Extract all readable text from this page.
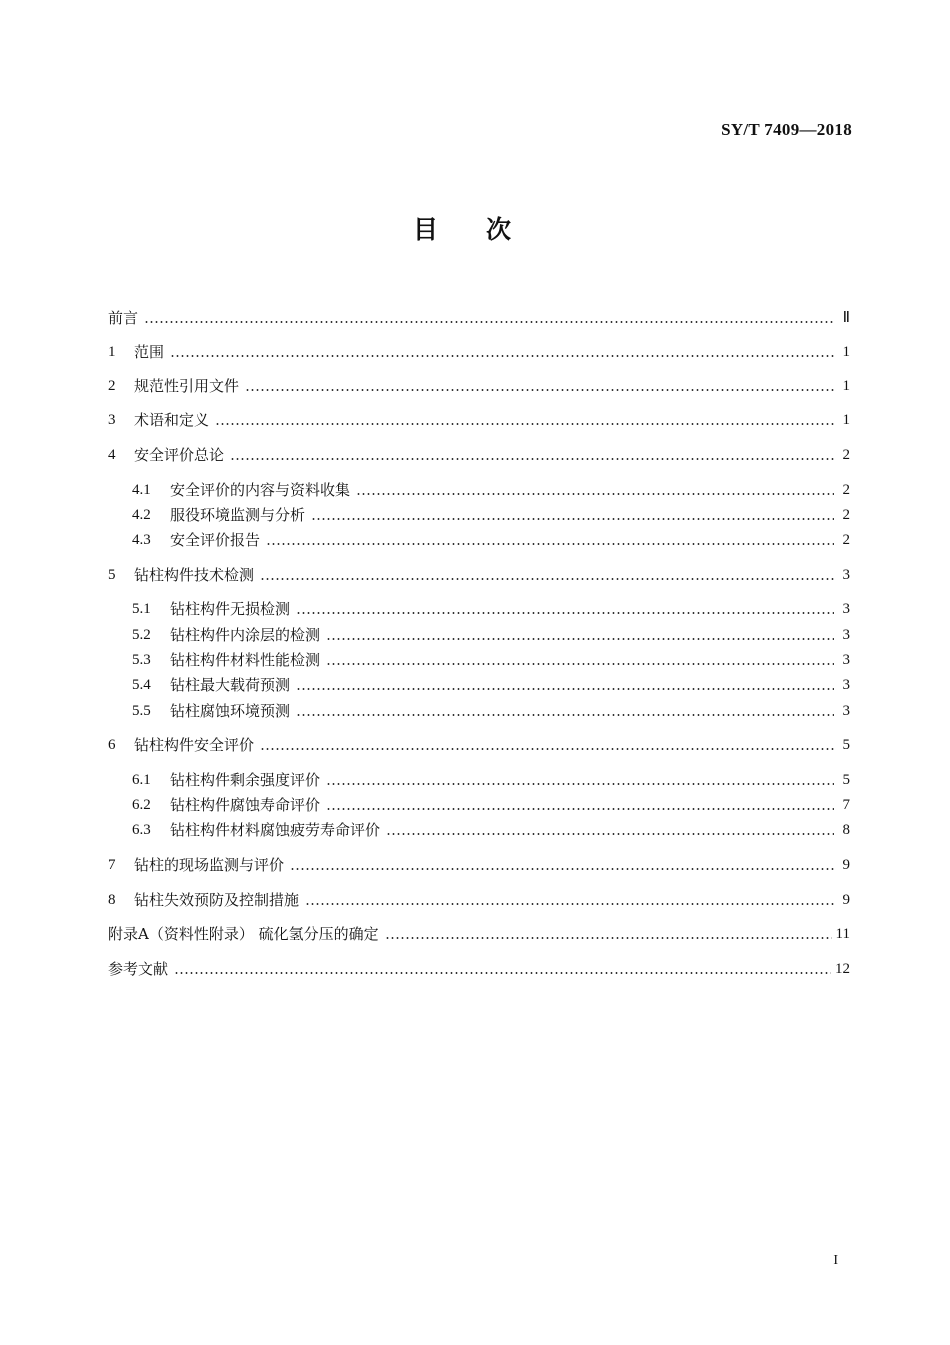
SY/T 7409—2018
目次
前言	Ⅱ
1	范围	1
2	规范性引用文件	1
3	术语和定义	1
4	安全评价总论	2
4.1	安全评价的内容与资料收集	2
4.2	服役环境监测与分析	2
4.3	安全评价报告	2
5	钻柱构件技术检测	3
5.1	钻柱构件无损检测	3
5.2	钻柱构件内涂层的检测	3
5.3	钻柱构件材料性能检测	3
5.4	钻柱最大载荷预测	3
5.5	钻柱腐蚀环境预测	3
6	钻柱构件安全评价	5
6.1	钻柱构件剩余强度评价	5
6.2	钻柱构件腐蚀寿命评价	7
6.3	钻柱构件材料腐蚀疲劳寿命评价	8
7	钻柱的现场监测与评价	9
8	钻柱失效预防及控制措施	9
附录A（资料性附录） 硫化氢分压的确定	11
参考文献	12
I
